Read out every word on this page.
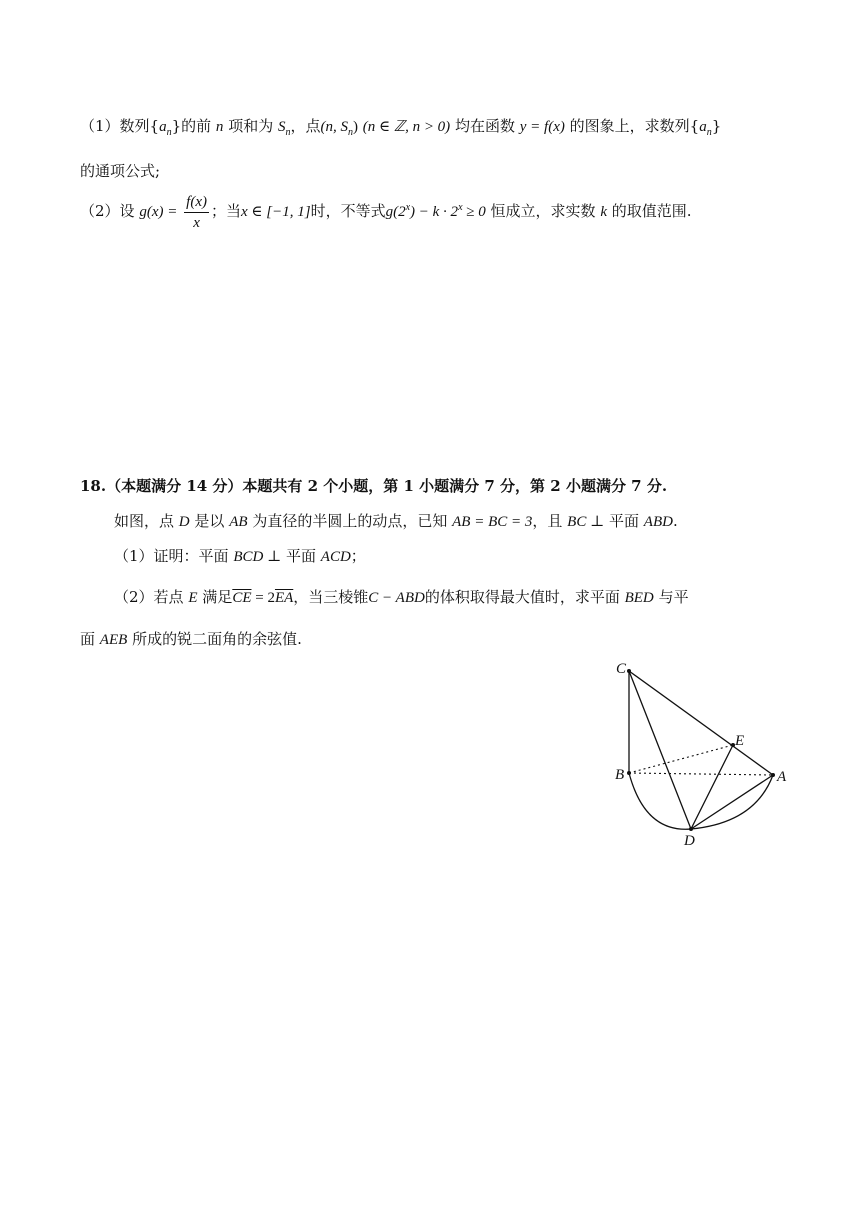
（1）数列$\{a_n\}$的前 n 项和为 $S_n$，点(n, $S_n$) (n ∈ ℤ, n > 0) 均在函数 y = f(x) 的图象上，求数列$\{a_n\}$
的通项公式;
（2）设 $g(x) = \frac{f(x)}{x}$ ；当x ∈ [−1, 1]时，不等式$g(2^x) - k \cdot 2^x \ge 0$ 恒成立，求实数 k 的取值范围.
18.（本题满分 14 分）本题共有 2 个小题，第 1 小题满分 7 分，第 2 小题满分 7 分.
如图，点 D 是以 AB 为直径的半圆上的动点，已知 AB = BC = 3，且 BC ⊥ 平面 ABD.
（1）证明：平面 BCD ⊥ 平面 ACD；
（2）若点 E 满足$\overline{CE} = 2\overline{EA}$，当三棱锥C − ABD的体积取得最大值时，求平面 BED 与平
面 AEB 所成的锐二面角的余弦值.
C
E
B	A
D
